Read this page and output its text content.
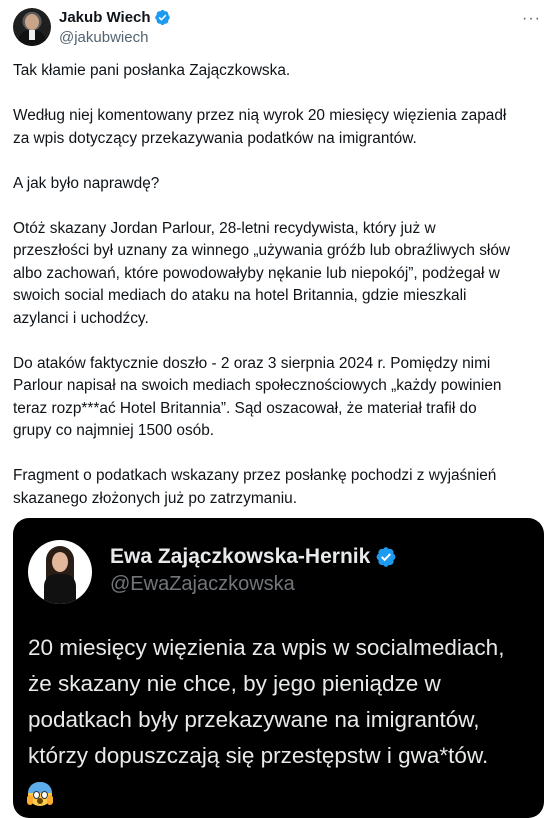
Jakub Wiech
@jakubwiech
···

Tak kłamie pani posłanka Zajączkowska.

Według niej komentowany przez nią wyrok 20 miesięcy więzienia zapadł
za wpis dotyczący przekazywania podatków na imigrantów.

A jak było naprawdę?

Otóż skazany Jordan Parlour, 28-letni recydywista, który już w
przeszłości był uznany za winnego „używania gróźb lub obraźliwych słów
albo zachowań, które powodowałyby nękanie lub niepokój”, podżegał w
swoich social mediach do ataku na hotel Britannia, gdzie mieszkali
azylanci i uchodźcy.

Do ataków faktycznie doszło - 2 oraz 3 sierpnia 2024 r. Pomiędzy nimi
Parlour napisał na swoich mediach społecznościowych „każdy powinien
teraz rozp***ać Hotel Britannia”. Sąd oszacował, że materiał trafił do
grupy co najmniej 1500 osób.

Fragment o podatkach wskazany przez posłankę pochodzi z wyjaśnień
skazanego złożonych już po zatrzymaniu.

Ewa Zajączkowska-Hernik
@EwaZajaczkowska
20 miesięcy więzienia za wpis w socialmediach,
że skazany nie chce, by jego pieniądze w
podatkach były przekazywane na imigrantów,
którzy dopuszczają się przestępstw i gwa*tów.
